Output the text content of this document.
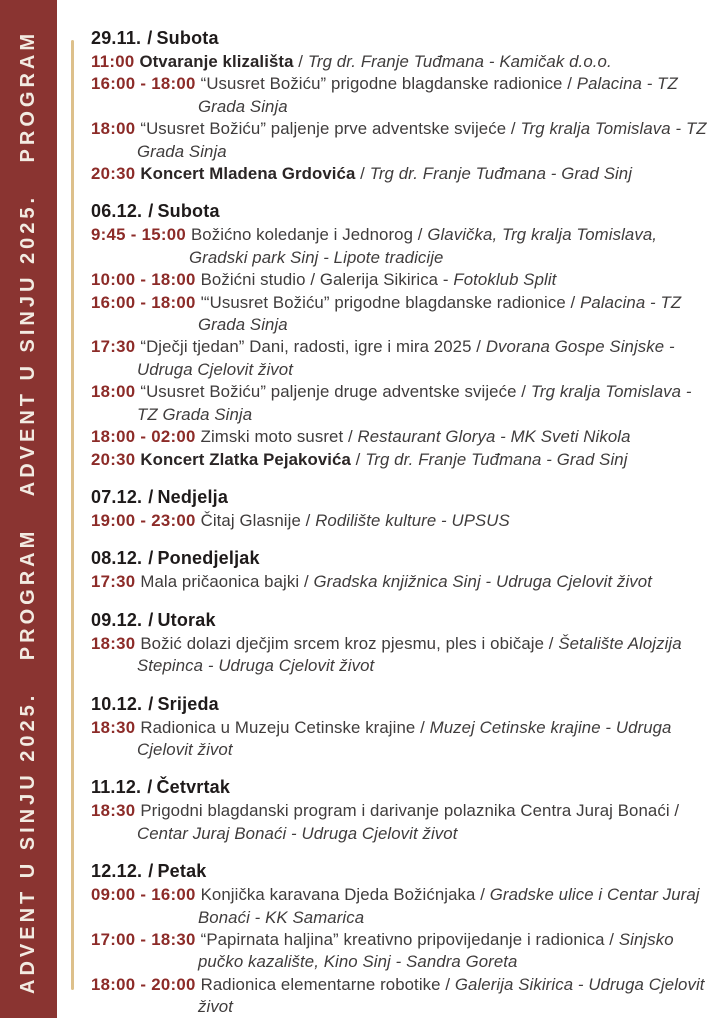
ADVENT U SINJU 2025.
PROGRAM
ADVENT U SINJU 2025.
PROGRAM	29.11. / Subota

11:00 Otvaranje klizališta / Trg dr. Franje Tuđmana - Kamičak d.o.o.

16:00 - 18:00 “Ususret Božiću” prigodne blagdanske radionice / Palacina - TZ Grada Sinja

18:00 “Ususret Božiću” paljenje prve adventske svijeće / Trg kralja Tomislava - TZ Grada Sinja

20:30 Koncert Mladena Grdovića / Trg dr. Franje Tuđmana - Grad Sinj

06.12. / Subota

9:45 - 15:00 Božićno koledanje i Jednorog / Glavička, Trg kralja Tomislava, Gradski park Sinj - Lipote tradicije

10:00 - 18:00 Božićni studio / Galerija Sikirica - Fotoklub Split

16:00 - 18:00 '“Ususret Božiću” prigodne blagdanske radionice / Palacina - TZ Grada Sinja

17:30 “Dječji tjedan” Dani, radosti, igre i mira 2025 / Dvorana Gospe Sinjske - Udruga Cjelovit život

18:00 “Ususret Božiću” paljenje druge adventske svijeće / Trg kralja Tomislava - TZ Grada Sinja

18:00 - 02:00 Zimski moto susret / Restaurant Glorya - MK Sveti Nikola

20:30 Koncert Zlatka Pejakovića / Trg dr. Franje Tuđmana - Grad Sinj

07.12. / Nedjelja

19:00 - 23:00 Čitaj Glasnije / Rodilište kulture - UPSUS

08.12. / Ponedjeljak

17:30 Mala pričaonica bajki / Gradska knjižnica Sinj - Udruga Cjelovit život

09.12. / Utorak

18:30 Božić dolazi dječjim srcem kroz pjesmu, ples i običaje / Šetalište Alojzija Stepinca - Udruga Cjelovit život

10.12. / Srijeda

18:30 Radionica u Muzeju Cetinske krajine / Muzej Cetinske krajine - Udruga Cjelovit život

11.12. / Četvrtak

18:30 Prigodni blagdanski program i darivanje polaznika Centra Juraj Bonaći / Centar Juraj Bonaći - Udruga Cjelovit život

12.12. / Petak

09:00 - 16:00 Konjička karavana Djeda Božićnjaka / Gradske ulice i Centar Juraj Bonaći - KK Samarica

17:00 - 18:30 “Papirnata haljina” kreativno pripovijedanje i radionica / Sinjsko pučko kazalište, Kino Sinj - Sandra Goreta

18:00 - 20:00 Radionica elementarne robotike / Galerija Sikirica - Udruga Cjelovit život
